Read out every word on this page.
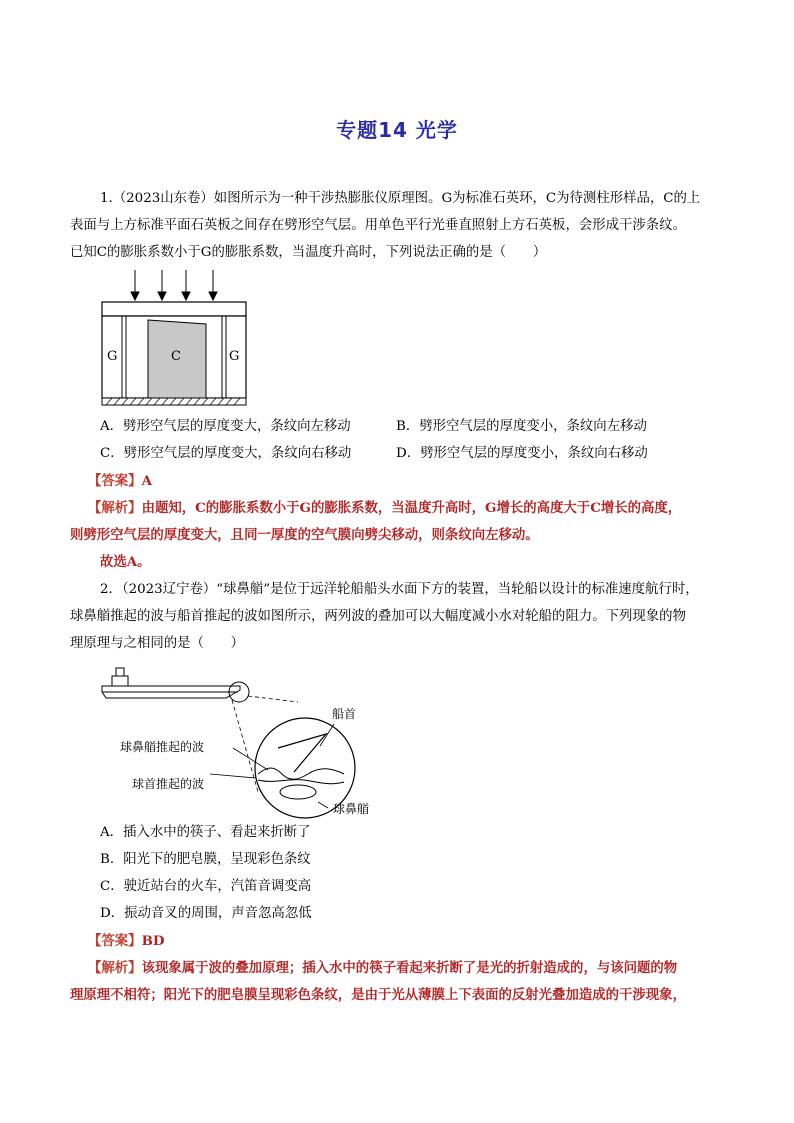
专题14 光学
1.（2023山东卷）如图所示为一种干涉热膨胀仪原理图。G为标准石英环，C为待测柱形样品，C的上
表面与上方标准平面石英板之间存在劈形空气层。用单色平行光垂直照射上方石英板，会形成干涉条纹。
已知C的膨胀系数小于G的膨胀系数，当温度升高时，下列说法正确的是（　　）
G	C	G
A．劈形空气层的厚度变大，条纹向左移动	B．劈形空气层的厚度变小，条纹向左移动
C．劈形空气层的厚度变大，条纹向右移动	D．劈形空气层的厚度变小，条纹向右移动
【答案】A
【解析】由题知，C的膨胀系数小于G的膨胀系数，当温度升高时，G增长的高度大于C增长的高度，
则劈形空气层的厚度变大，且同一厚度的空气膜向劈尖移动，则条纹向左移动。
故选A。
2．（2023辽宁卷）“球鼻艏”是位于远洋轮船船头水面下方的装置，当轮船以设计的标准速度航行时，
球鼻艏推起的波与船首推起的波如图所示，两列波的叠加可以大幅度减小水对轮船的阻力。下列现象的物
理原理与之相同的是（　　）
船首
球鼻艏推起的波
球首推起的波
球鼻艏
A．插入水中的筷子、看起来折断了
B．阳光下的肥皂膜，呈现彩色条纹
C．驶近站台的火车，汽笛音调变高
D．振动音叉的周围，声音忽高忽低
【答案】BD
【解析】该现象属于波的叠加原理；插入水中的筷子看起来折断了是光的折射造成的，与该问题的物
理原理不相符；阳光下的肥皂膜呈现彩色条纹，是由于光从薄膜上下表面的反射光叠加造成的干涉现象，
